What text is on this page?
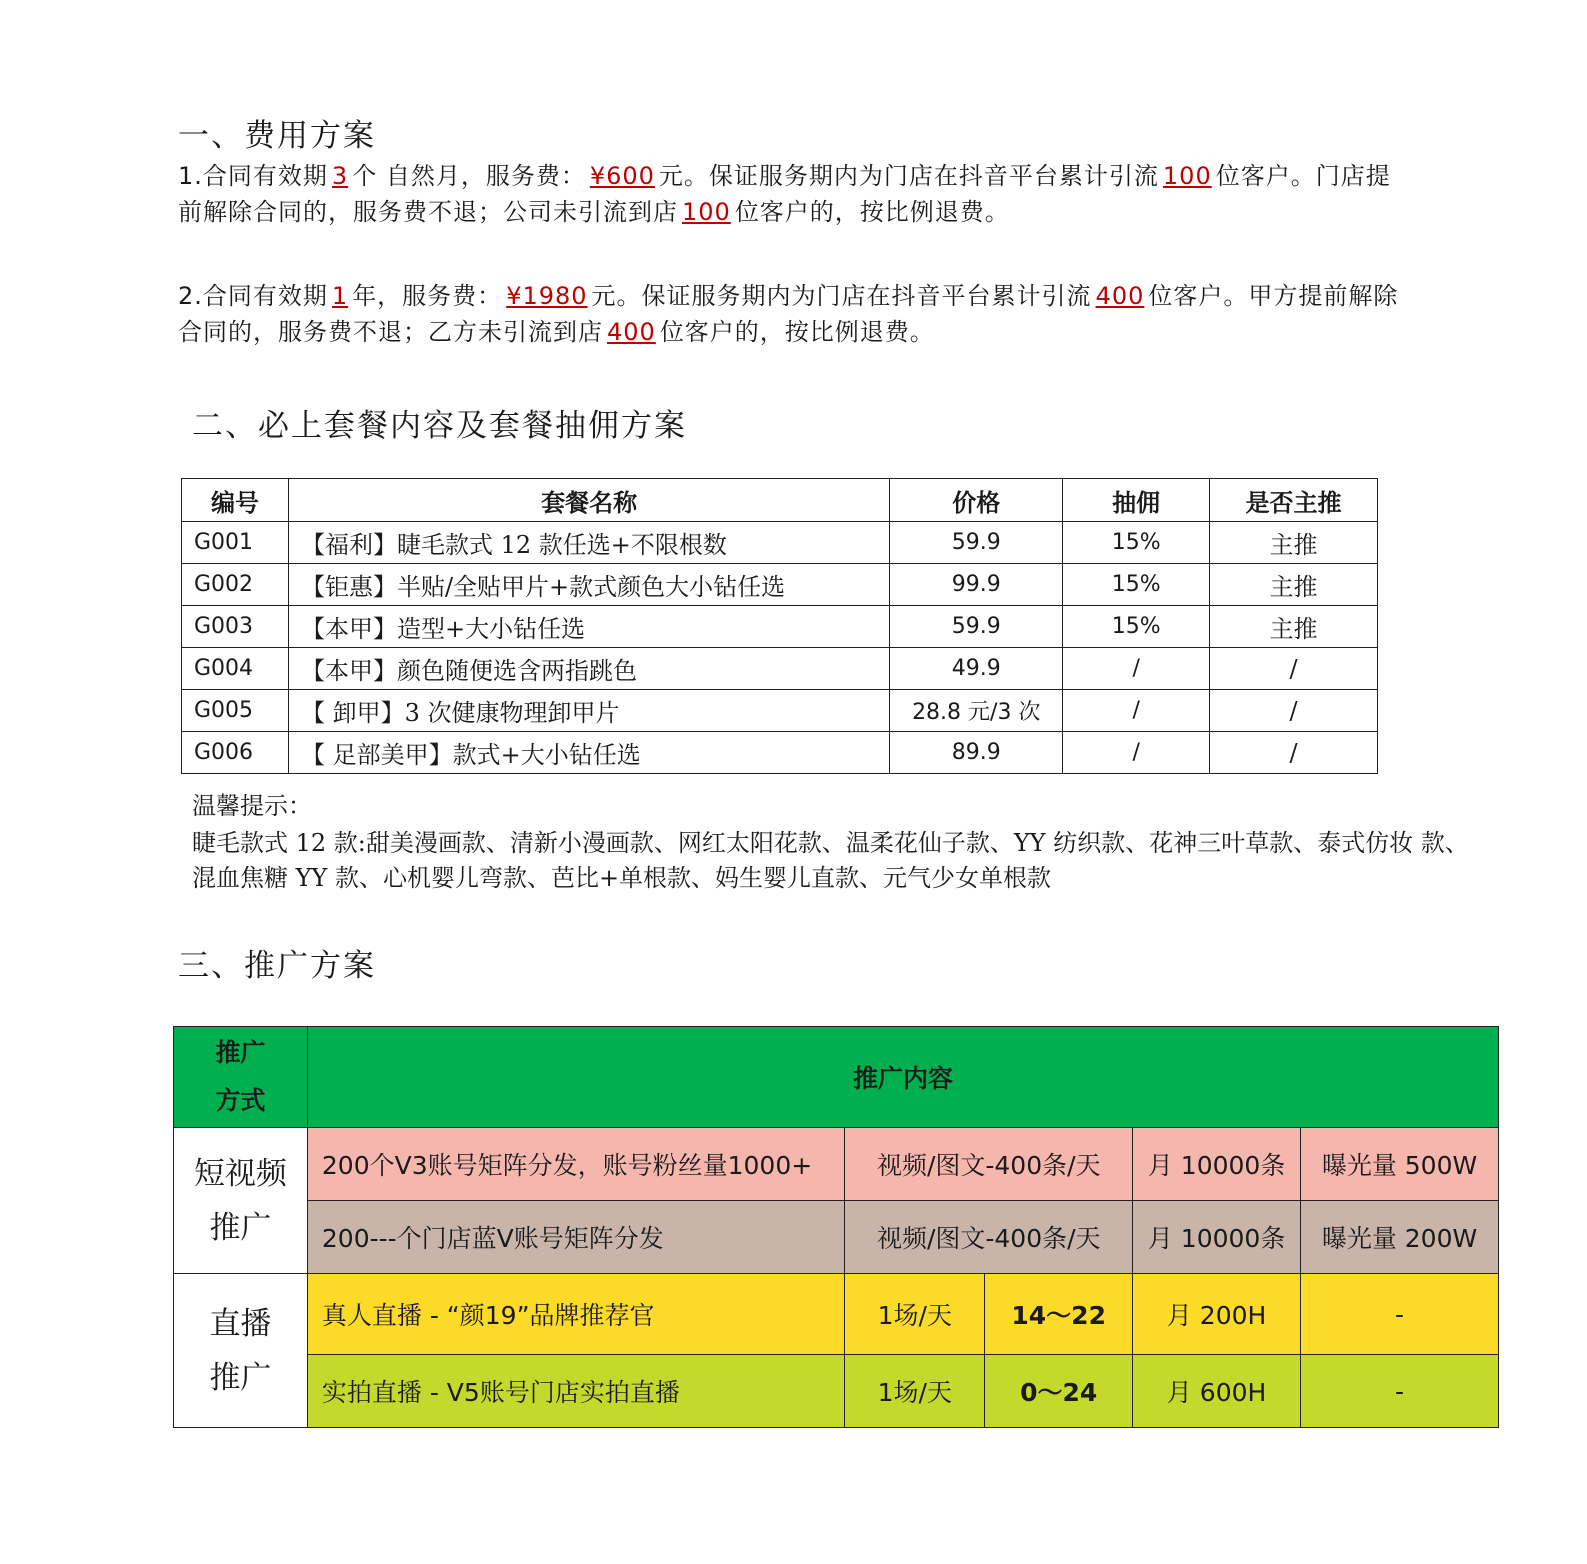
一、费用方案
1.合同有效期 3 个 自然月，服务费： ¥600 元。保证服务期内为门店在抖音平台累计引流 100 位客户。门店提前解除合同的，服务费不退；公司未引流到店 100 位客户的，按比例退费。
2.合同有效期 1 年，服务费： ¥1980 元。保证服务期内为门店在抖音平台累计引流 400 位客户。甲方提前解除合同的，服务费不退；乙方未引流到店 400 位客户的，按比例退费。
二、必上套餐内容及套餐抽佣方案
编号	套餐名称	价格	抽佣	是否主推
G001	【福利】睫毛款式 12 款任选+不限根数	59.9	15%	主推
G002	【钜惠】半贴/全贴甲片+款式颜色大小钻任选	99.9	15%	主推
G003	【本甲】造型+大小钻任选	59.9	15%	主推
G004	【本甲】颜色随便选含两指跳色	49.9	/	/
G005	【 卸甲】3 次健康物理卸甲片	28.8 元/3 次	/	/
G006	【 足部美甲】款式+大小钻任选	89.9	/	/
温馨提示：
睫毛款式 12 款:甜美漫画款、清新小漫画款、网红太阳花款、温柔花仙子款、YY 纺织款、花神三叶草款、泰式仿妆 款、混血焦糖 YY 款、心机婴儿弯款、芭比+单根款、妈生婴儿直款、元气少女单根款
三、推广方案
推广
方式	推广内容				

短视频
推广	200个V3账号矩阵分发，账号粉丝量1000+	视频/图文-400条/天		月 10000条	曝光量 500W
	200---个门店蓝V账号矩阵分发	视频/图文-400条/天		月 10000条	曝光量 200W

直播
推广	真人直播 - “颜19”品牌推荐官	1场/天	14～22	月 200H	-
	实拍直播 - V5账号门店实拍直播	1场/天	0～24	月 600H	-
